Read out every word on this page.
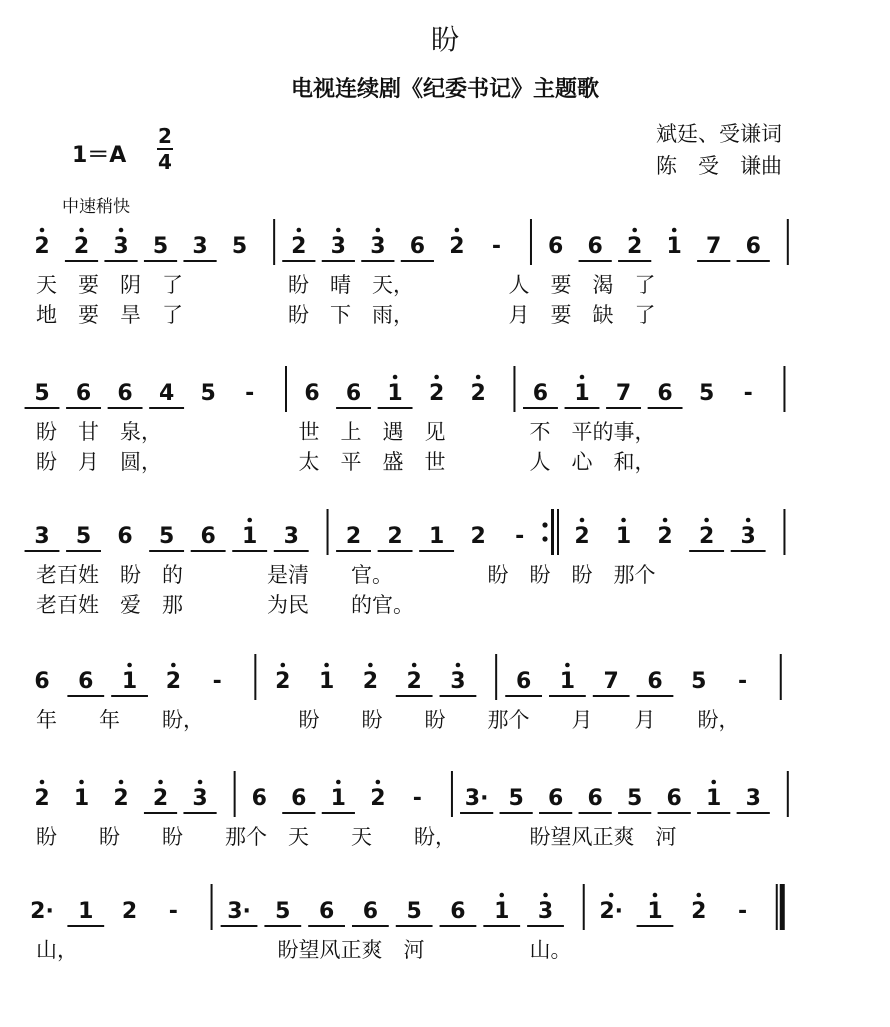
盼
电视连续剧《纪委书记》主题歌
1＝A
2
4
斌廷、受谦词
陈　受　谦曲
中速稍快
2 2 3 5 3 5 2 3 3 6 2 - 6 6 2 1 7 6
天　要　阴　了　　　　　盼　晴　天，　　　　　人　要　渴　了
地　要　旱　了　　　　　盼　下　雨，　　　　　月　要　缺　了
5 6 6 4 5 - 6 6 1 2 2 6 1 7 6 5 -
盼　甘　泉，　　　　　　　世　上　遇　见　　　　不　平的事，
盼　月　圆，　　　　　　　太　平　盛　世　　　　人　心　和，
3 5 6 5 6 1 3 2 2 1 2 - 2 1 2 2 3
老百姓　盼　的　　　　是清　　官。　　　　　盼　盼　盼　那个
老百姓　爱　那　　　　为民　　的官。
6 6 1 2 - 2 1 2 2 3 6 1 7 6 5 -
年　　年　　盼，　　　　　盼　　盼　　盼　　那个　　月　　月　　盼，
2 1 2 2 3 6 6 1 2 - 3· 5 6 6 5 6 1 3
盼　　盼　　盼　　那个　天　　天　　盼，　　　　盼望风正爽　河
2· 1 2 - 3· 5 6 6 5 6 1 3 2· 1 2 -
山，　　　　　　　　　　盼望风正爽　河　　　　　山。
